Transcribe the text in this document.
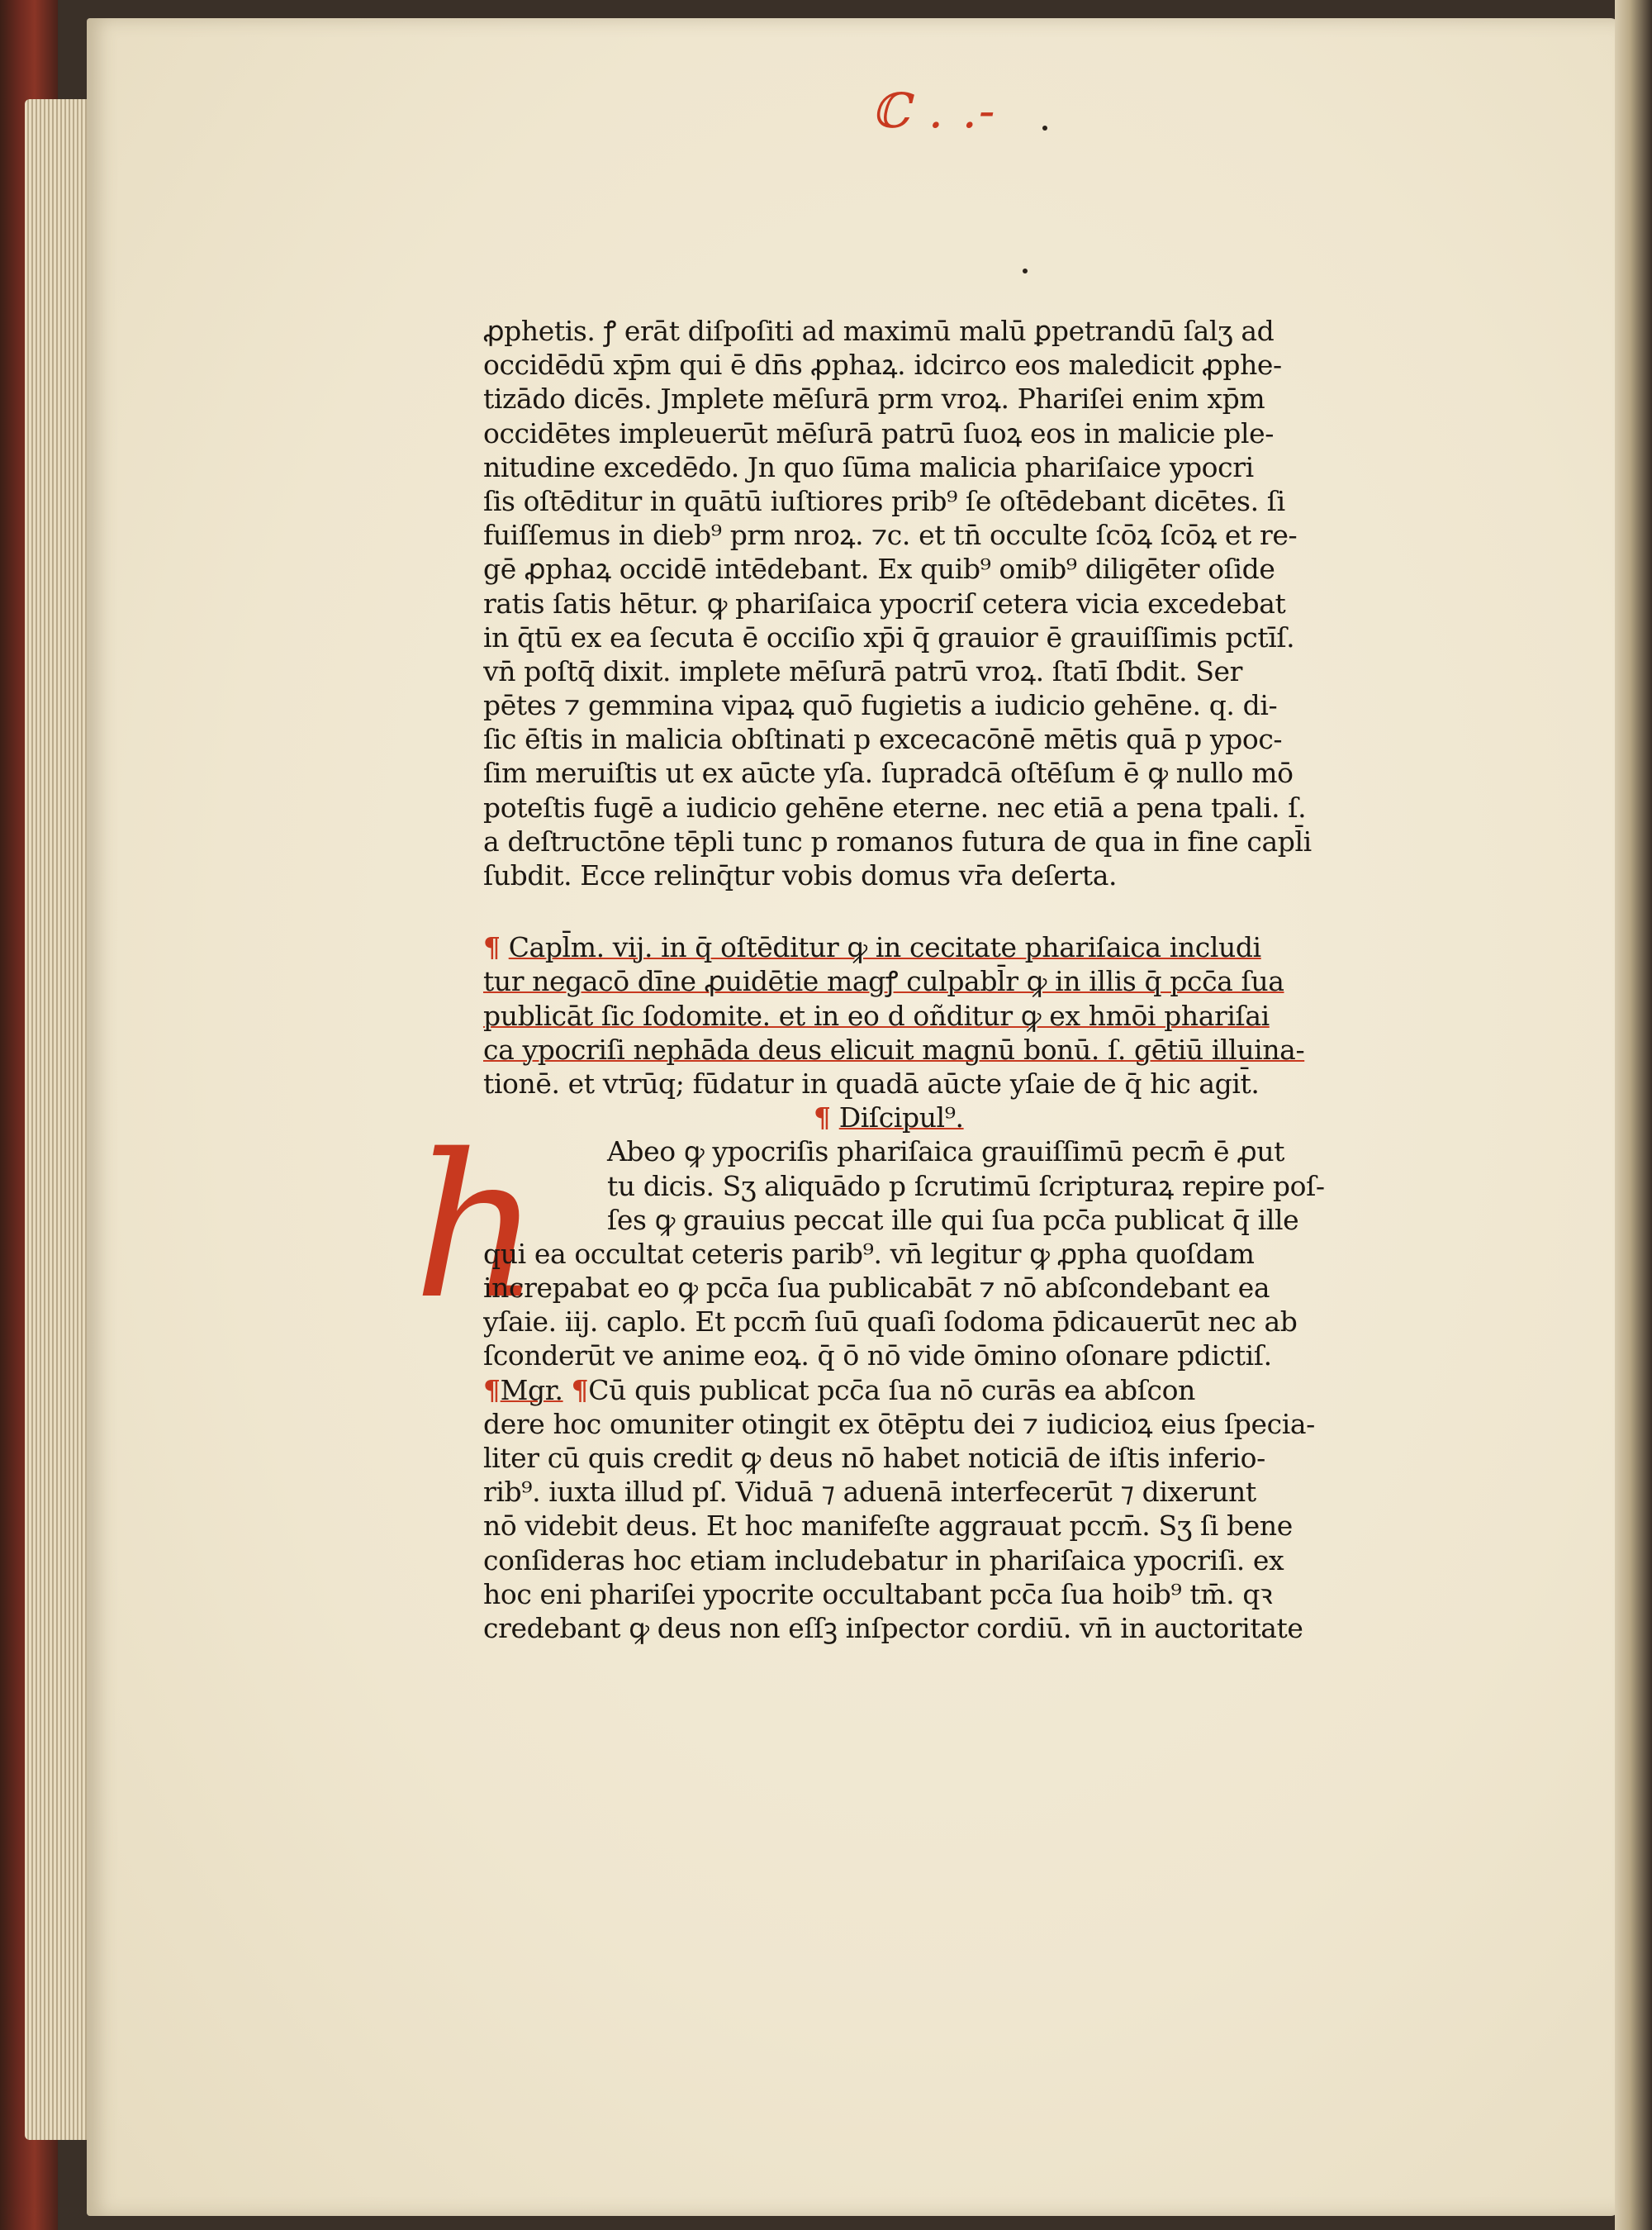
ℂ . .-
h
ꝓphetis. ꝭ erāt diſpoſiti ad maximū malū ꝑpetrandū ſalʒ ad
occidēdū xp̄m qui ē dn̄s ꝓphaꝝ. idcirco eos maledicit ꝓphe-
tizādo dicēs. Jmplete mēſurā prm vroꝝ. Phariſei enim xp̄m
occidētes impleuerūt mēſurā patrū ſuoꝝ eos in malicie ple-
nitudine excedēdo. Jn quo ſūma malicia phariſaice ypocri
ſis oſtēditur in quātū iuſtiores prib⁹ ſe oſtēdebant dicētes. ſi
fuiſſemus in dieb⁹ prm nroꝝ. ⁊c. et tn̄ occulte ſcōꝝ ſcōꝝ et re-
gē ꝓphaꝝ occidē intēdebant. Ex quib⁹ omib⁹ diligēter oſide
ratis ſatis hētur. ꝙ phariſaica ypocriſ cetera vicia excedebat
in q̄tū ex ea ſecuta ē occiſio xp̄i q̄ grauior ē grauiſſimis pctīſ.
vn̄ poſtq̄ dixit. implete mēſurā patrū vroꝝ. ſtatī ſbdit. Ser
pētes ⁊ gemmina vipaꝝ quō fugietis a iudicio gehēne. q. di-
ſic ēſtis in malicia obſtinati p excecacōnē mētis quā p ypoc-
ſim meruiſtis ut ex aūcte yſa. ſupradcā oſtēſum ē ꝙ nullo mō
poteſtis fugē a iudicio gehēne eterne. nec etiā a pena tpali. ſ.
a deſtructōne tēpli tunc p romanos futura de qua in fine capl̄i
ſubdit. Ecce relinq̄tur vobis domus vr̄a deſerta.
¶ Capl̄m. vij. in q̄ oſtēditur ꝙ in cecitate phariſaica includi
tur negacō dīne ꝓuidētie magꝭ culpabl̄r ꝙ in illis q̄ pcc̄a ſua
publicāt ſic ſodomite. et in eo d oñditur ꝙ ex hmōi phariſai
ca ypocriſi nephāda deus elicuit magnū bonū. ſ. gētiū illuina-
tionē. et vtrūq; fūdatur in quadā aūcte yſaie de q̄ hic agit̄.
¶ Diſcipul⁹.
Abeo ꝙ ypocriſis phariſaica grauiſſimū pecm̄ ē ꝓut
tu dicis. Sʒ aliquādo p ſcrutimū ſcripturaꝝ repire poſ-
ſes ꝙ grauius peccat ille qui ſua pcc̄a publicat q̄ ille
qui ea occultat ceteris parib⁹. vn̄ legitur ꝙ ꝓpha quoſdam
increpabat eo ꝙ pcc̄a ſua publicabāt ⁊ nō abſcondebant ea
yſaie. iij. caplo. Et pccm̄ ſuū quaſi ſodoma p̄dicauerūt nec ab
ſconderūt ve anime eoꝝ. q̄ ō nō vide ōmino oſonare pdictiſ.
¶Mgr. ¶Cū quis publicat pcc̄a ſua nō curās ea abſcon
dere hoc omuniter otingit ex ōtēptu dei ⁊ iudicioꝝ eius ſpecia-
liter cū quis credit ꝙ deus nō habet noticiā de iſtis inferio-
rib⁹. iuxta illud pſ. Viduā ⁊ aduenā interfecerūt ⁊ dixerunt
nō videbit deus. Et hoc manifeſte aggrauat pccm̄. Sʒ ſi bene
conſideras hoc etiam includebatur in phariſaica ypocriſi. ex
hoc eni phariſei ypocrite occultabant pcc̄a ſua hoib⁹ tm̄. qꝛ
credebant ꝙ deus non eſſꝫ inſpector cordiū. vn̄ in auctoritate
